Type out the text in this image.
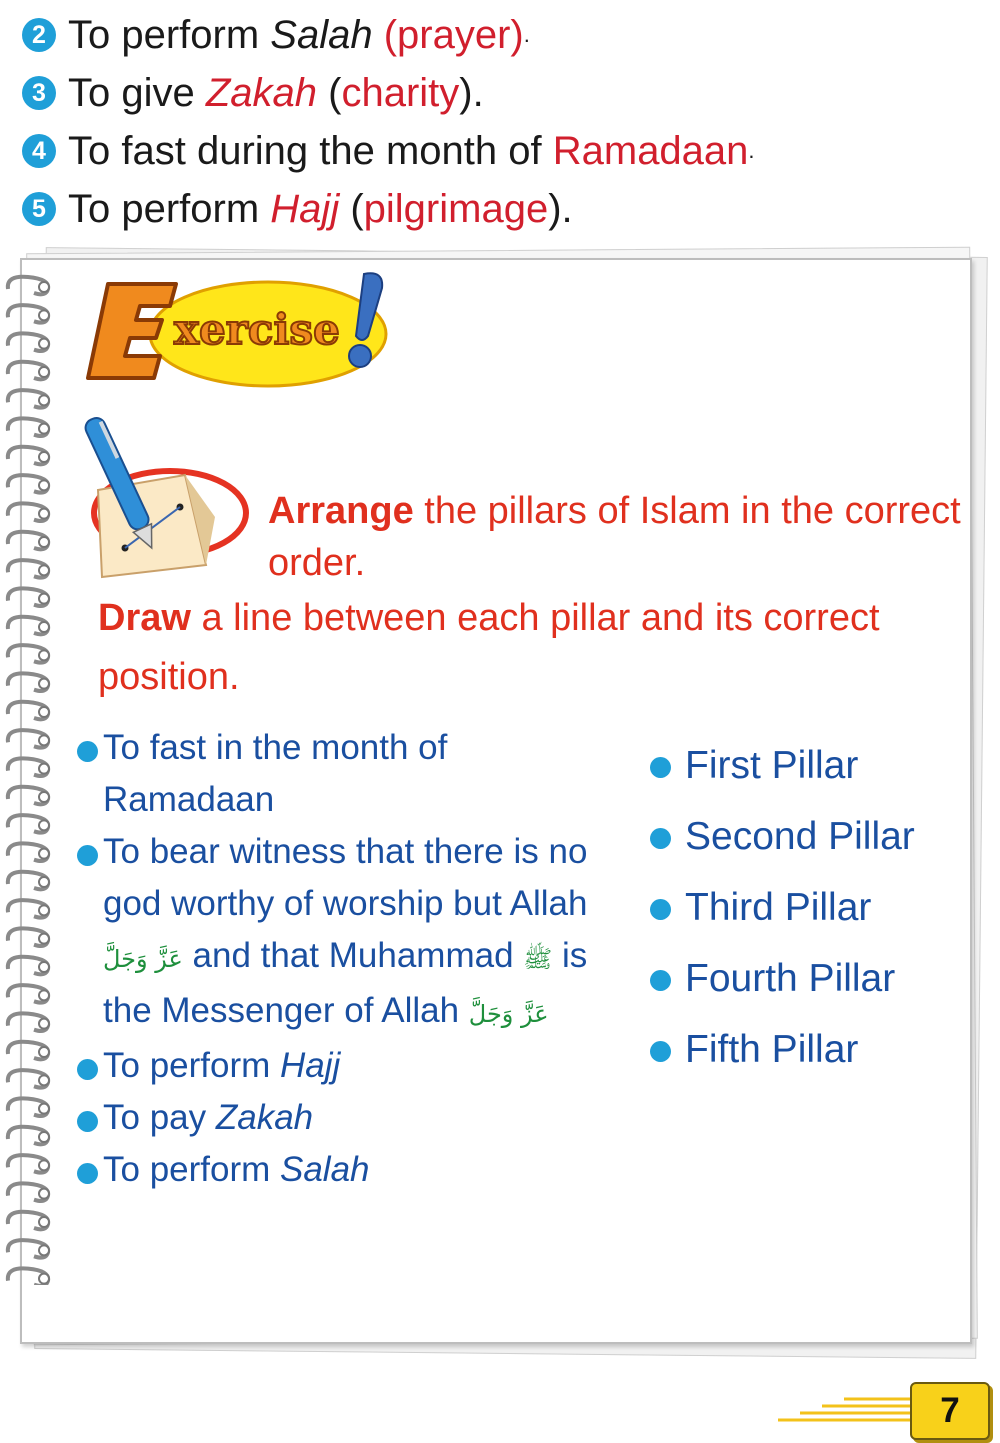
2 To perform Salah
(prayer) .
3 To give Zakah
( charity ) .
4 To fast during the month of Ramadaan .
5 To perform Hajj
( pilgrimage ) .
xercise
Arrange the pillars of Islam in the correct order.
Draw a line between each pillar and its correct position.
To fast in the month of Ramadaan
To bear witness that there is no god worthy of worship but Allah عَزَّ وَجَلَّ and that Muhammad ﷺ is the Messenger of Allah عَزَّ وَجَلَّ
To perform Hajj
To pay Zakah
To perform Salah
First Pillar
Second Pillar
Third Pillar
Fourth Pillar
Fifth Pillar
7
